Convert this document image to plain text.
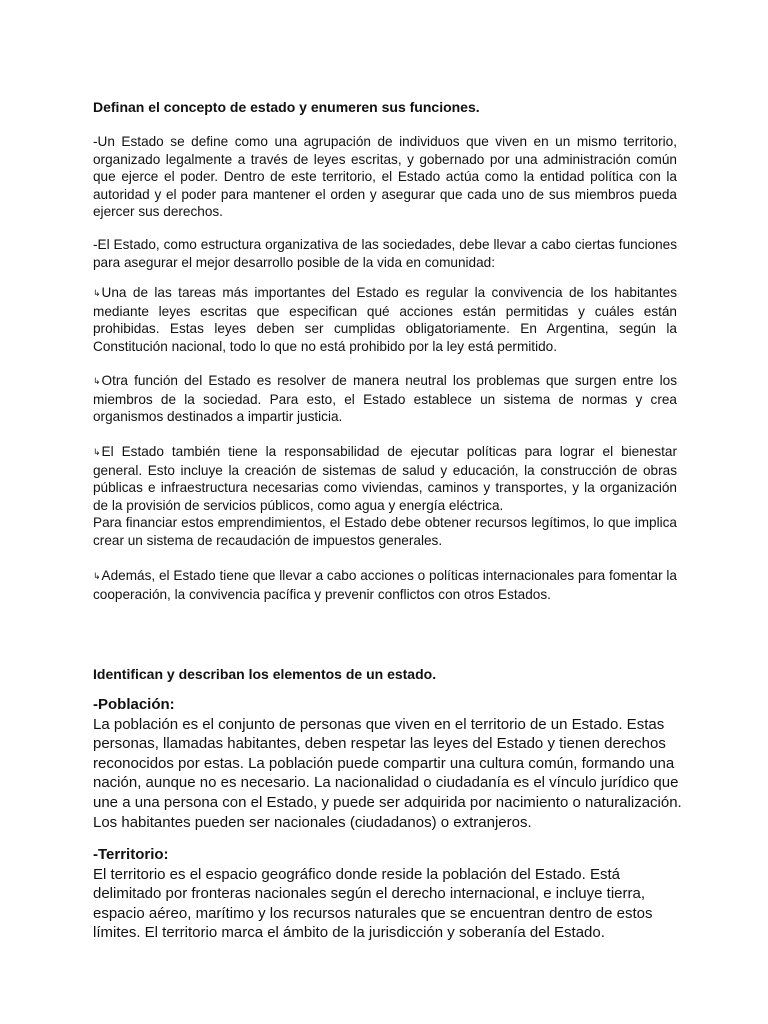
Definan el concepto de estado y enumeren sus funciones.

-Un Estado se define como una agrupación de individuos que viven en un mismo territorio, organizado legalmente a través de leyes escritas, y gobernado por una administración común que ejerce el poder. Dentro de este territorio, el Estado actúa como la entidad política con la autoridad y el poder para mantener el orden y asegurar que cada uno de sus miembros pueda ejercer sus derechos.

-El Estado, como estructura organizativa de las sociedades, debe llevar a cabo ciertas funciones para asegurar el mejor desarrollo posible de la vida en comunidad:

↳Una de las tareas más importantes del Estado es regular la convivencia de los habitantes mediante leyes escritas que especifican qué acciones están permitidas y cuáles están prohibidas. Estas leyes deben ser cumplidas obligatoriamente. En Argentina, según la Constitución nacional, todo lo que no está prohibido por la ley está permitido.

↳Otra función del Estado es resolver de manera neutral los problemas que surgen entre los miembros de la sociedad. Para esto, el Estado establece un sistema de normas y crea organismos destinados a impartir justicia.

↳El Estado también tiene la responsabilidad de ejecutar políticas para lograr el bienestar general. Esto incluye la creación de sistemas de salud y educación, la construcción de obras públicas e infraestructura necesarias como viviendas, caminos y transportes, y la organización de la provisión de servicios públicos, como agua y energía eléctrica.

Para financiar estos emprendimientos, el Estado debe obtener recursos legítimos, lo que implica crear un sistema de recaudación de impuestos generales.

↳Además, el Estado tiene que llevar a cabo acciones o políticas internacionales para fomentar la cooperación, la convivencia pacífica y prevenir conflictos con otros Estados.

Identifican y describan los elementos de un estado.

-Población:
La población es el conjunto de personas que viven en el territorio de un Estado. Estas personas, llamadas habitantes, deben respetar las leyes del Estado y tienen derechos reconocidos por estas. La población puede compartir una cultura común, formando una nación, aunque no es necesario. La nacionalidad o ciudadanía es el vínculo jurídico que une a una persona con el Estado, y puede ser adquirida por nacimiento o naturalización. Los habitantes pueden ser nacionales (ciudadanos) o extranjeros.
-Territorio:
El territorio es el espacio geográfico donde reside la población del Estado. Está delimitado por fronteras nacionales según el derecho internacional, e incluye tierra, espacio aéreo, marítimo y los recursos naturales que se encuentran dentro de estos límites. El territorio marca el ámbito de la jurisdicción y soberanía del Estado.
